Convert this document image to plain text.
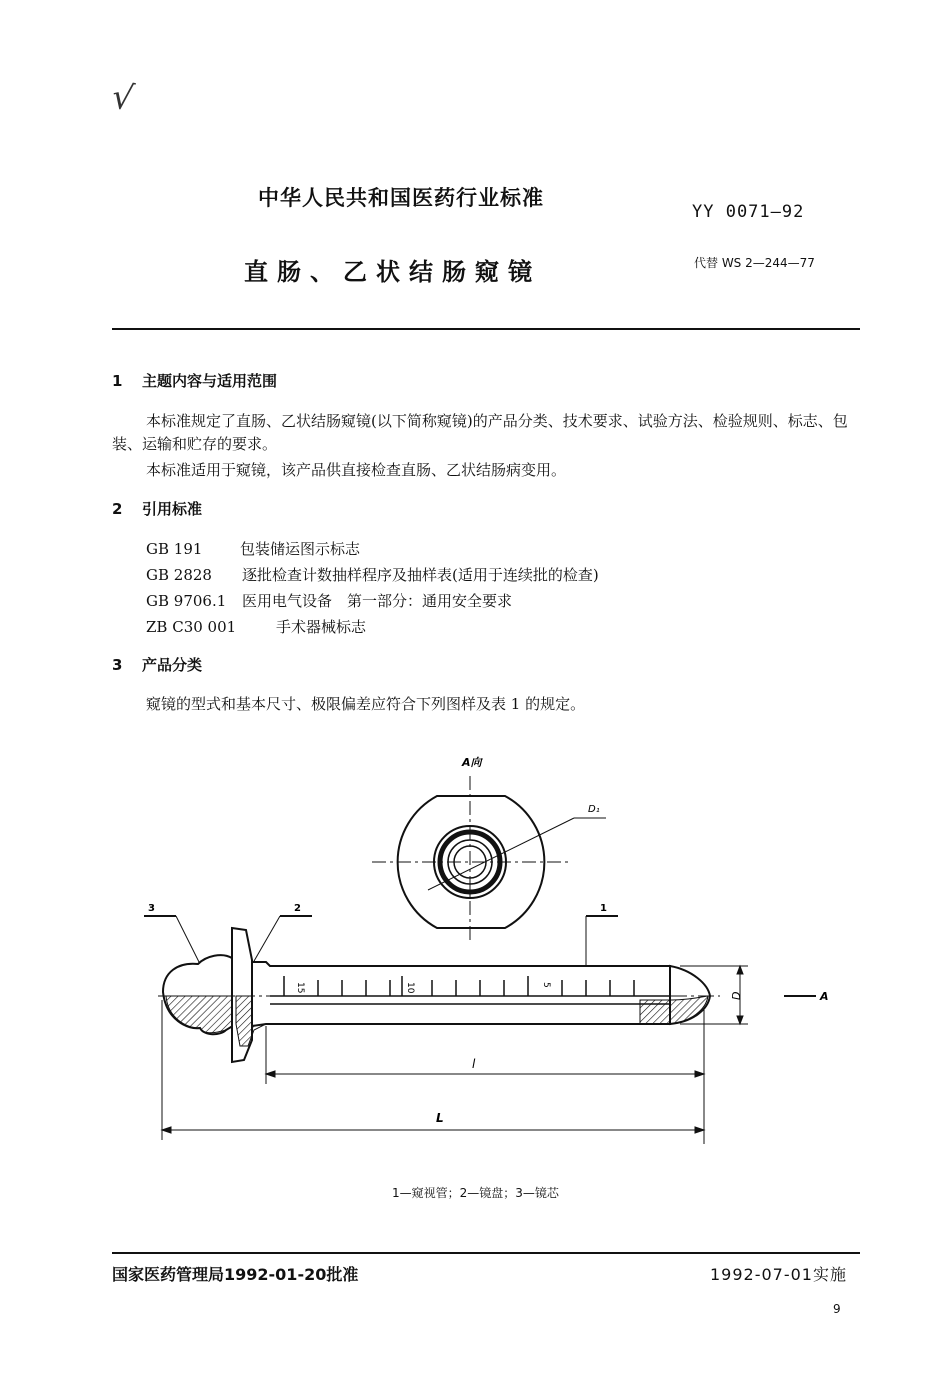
√
中华人民共和国医药行业标准
YY 0071—92
直肠、乙状结肠窥镜	代替 WS 2—244—77
1 主题内容与适用范围
本标准规定了直肠、乙状结肠窥镜(以下简称窥镜)的产品分类、技术要求、试验方法、检验规则、标志、包装、运输和贮存的要求。
本标准适用于窥镜，该产品供直接检查直肠、乙状结肠病变用。
2 引用标准
GB 191	包装储运图示标志
GB 2828 逐批检查计数抽样程序及抽样表(适用于连续批的检查)
GB 9706.1 医用电气设备　第一部分：通用安全要求
ZB C30 001	手术器械标志
3 产品分类
窥镜的型式和基本尺寸、极限偏差应符合下列图样及表 1 的规定。
A向
D₁
3	2	1
15	10	5
D	A
l
L
1—窥视管；2—镜盘；3—镜芯
国家医药管理局1992-01-20批准	1992-07-01实施
9
